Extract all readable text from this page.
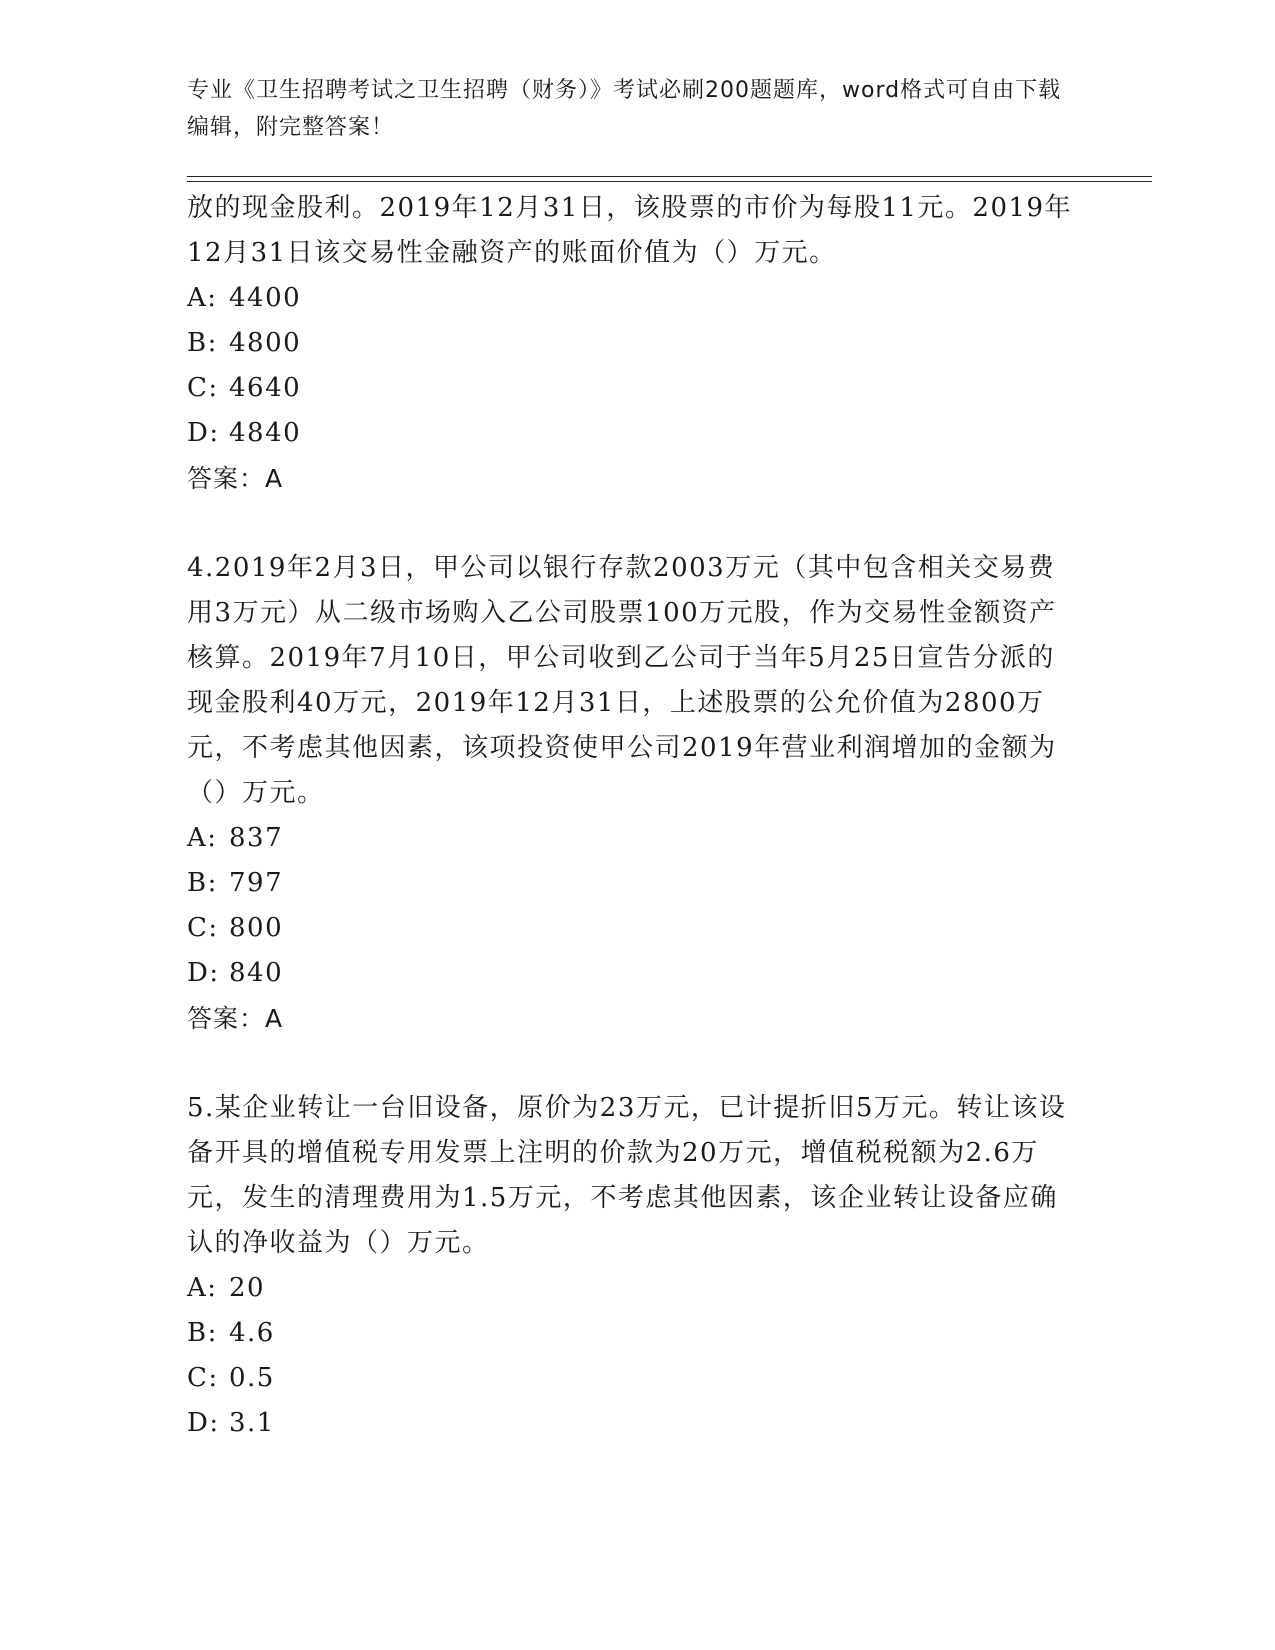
专业《卫生招聘考试之卫生招聘（财务）》考试必刷200题题库，word格式可自由下载编辑，附完整答案！

放的现金股利。2019年12月31日，该股票的市价为每股11元。2019年12月31日该交易性金融资产的账面价值为（）万元。

A: 4400

B: 4800

C: 4640

D: 4840

答案：A

4.2019年2月3日，甲公司以银行存款2003万元（其中包含相关交易费用3万元）从二级市场购入乙公司股票100万元股，作为交易性金额资产核算。2019年7月10日，甲公司收到乙公司于当年5月25日宣告分派的现金股利40万元，2019年12月31日，上述股票的公允价值为2800万元，不考虑其他因素，该项投资使甲公司2019年营业利润增加的金额为（）万元。

A: 837

B: 797

C: 800

D: 840

答案：A

5.某企业转让一台旧设备，原价为23万元，已计提折旧5万元。转让该设备开具的增值税专用发票上注明的价款为20万元，增值税税额为2.6万元，发生的清理费用为1.5万元，不考虑其他因素，该企业转让设备应确认的净收益为（）万元。

A: 20

B: 4.6

C: 0.5

D: 3.1
